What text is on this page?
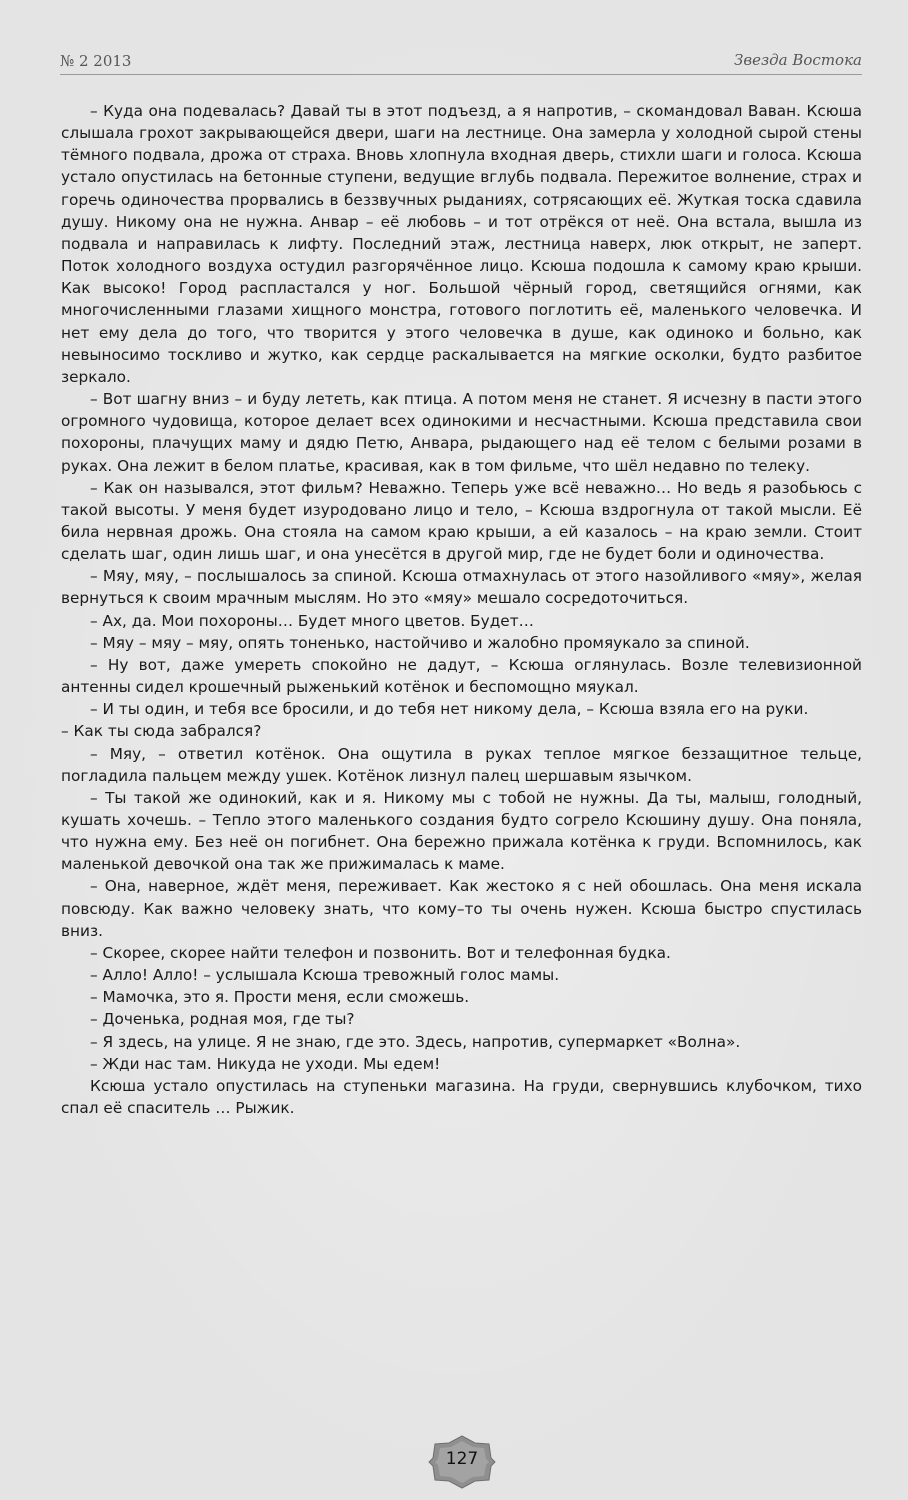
№ 2 2013	Звезда Востока

– Куда она подевалась? Давай ты в этот подъезд, а я напротив, – скомандовал Ваван. Ксюша слышала грохот закрывающейся двери, шаги на лестнице. Она замерла у холодной сырой стены тёмного подвала, дрожа от страха. Вновь хлопнула входная дверь, стихли шаги и голоса. Ксюша устало опустилась на бетонные ступени, ведущие вглубь подвала. Пережитое волнение, страх и горечь одиночества прорвались в беззвучных рыданиях, сотрясающих её. Жуткая тоска сдавила душу. Никому она не нужна. Анвар – её любовь – и тот отрёкся от неё. Она встала, вышла из подвала и направилась к лифту. Последний этаж, лестница наверх, люк открыт, не заперт. Поток холодного воздуха остудил разгорячённое лицо. Ксюша подошла к самому краю крыши. Как высоко! Город распластался у ног. Большой чёрный город, светящийся огнями, как многочисленными глазами хищного монстра, готового поглотить её, маленького человечка. И нет ему дела до того, что творится у этого человечка в душе, как одиноко и больно, как невыносимо тоскливо и жутко, как сердце раскалывается на мягкие осколки, будто разбитое зеркало.

– Вот шагну вниз – и буду лететь, как птица. А потом меня не станет. Я исчезну в пасти этого огромного чудовища, которое делает всех одинокими и несчастными. Ксюша представила свои похороны, плачущих маму и дядю Петю, Анвара, рыдающего над её телом с белыми розами в руках. Она лежит в белом платье, красивая, как в том фильме, что шёл недавно по телеку.

– Как он назывался, этот фильм? Неважно. Теперь уже всё неважно… Но ведь я разобьюсь с такой высоты. У меня будет изуродовано лицо и тело, – Ксюша вздрогнула от такой мысли. Её била нервная дрожь. Она стояла на самом краю крыши, а ей казалось – на краю земли. Стоит сделать шаг, один лишь шаг, и она унесётся в другой мир, где не будет боли и одиночества.

– Мяу, мяу, – послышалось за спиной. Ксюша отмахнулась от этого назойливого «мяу», желая вернуться к своим мрачным мыслям. Но это «мяу» мешало сосредоточиться.

– Ах, да. Мои похороны… Будет много цветов. Будет…

– Мяу – мяу – мяу, опять тоненько, настойчиво и жалобно промяукало за спиной.

– Ну вот, даже умереть спокойно не дадут, – Ксюша оглянулась. Возле телевизионной антенны сидел крошечный рыженький котёнок и беспомощно мяукал.

– И ты один, и тебя все бросили, и до тебя нет никому дела, – Ксюша взяла его на руки.

– Как ты сюда забрался?

– Мяу, – ответил котёнок. Она ощутила в руках теплое мягкое беззащитное тельце, погладила пальцем между ушек. Котёнок лизнул палец шершавым язычком.

– Ты такой же одинокий, как и я. Никому мы с тобой не нужны. Да ты, малыш, голодный, кушать хочешь. – Тепло этого маленького создания будто согрело Ксюшину душу. Она поняла, что нужна ему. Без неё он погибнет. Она бережно прижала котёнка к груди. Вспомнилось, как маленькой девочкой она так же прижималась к маме.

– Она, наверное, ждёт меня, переживает. Как жестоко я с ней обошлась. Она меня искала повсюду. Как важно человеку знать, что кому–то ты очень нужен. Ксюша быстро спустилась вниз.

– Скорее, скорее найти телефон и позвонить. Вот и телефонная будка.

– Алло! Алло! – услышала Ксюша тревожный голос мамы.

– Мамочка, это я. Прости меня, если сможешь.

– Доченька, родная моя, где ты?

– Я здесь, на улице. Я не знаю, где это. Здесь, напротив, супермаркет «Волна».

– Жди нас там. Никуда не уходи. Мы едем!

Ксюша устало опустилась на ступеньки магазина. На груди, свернувшись клубочком, тихо спал её спаситель … Рыжик.

127
